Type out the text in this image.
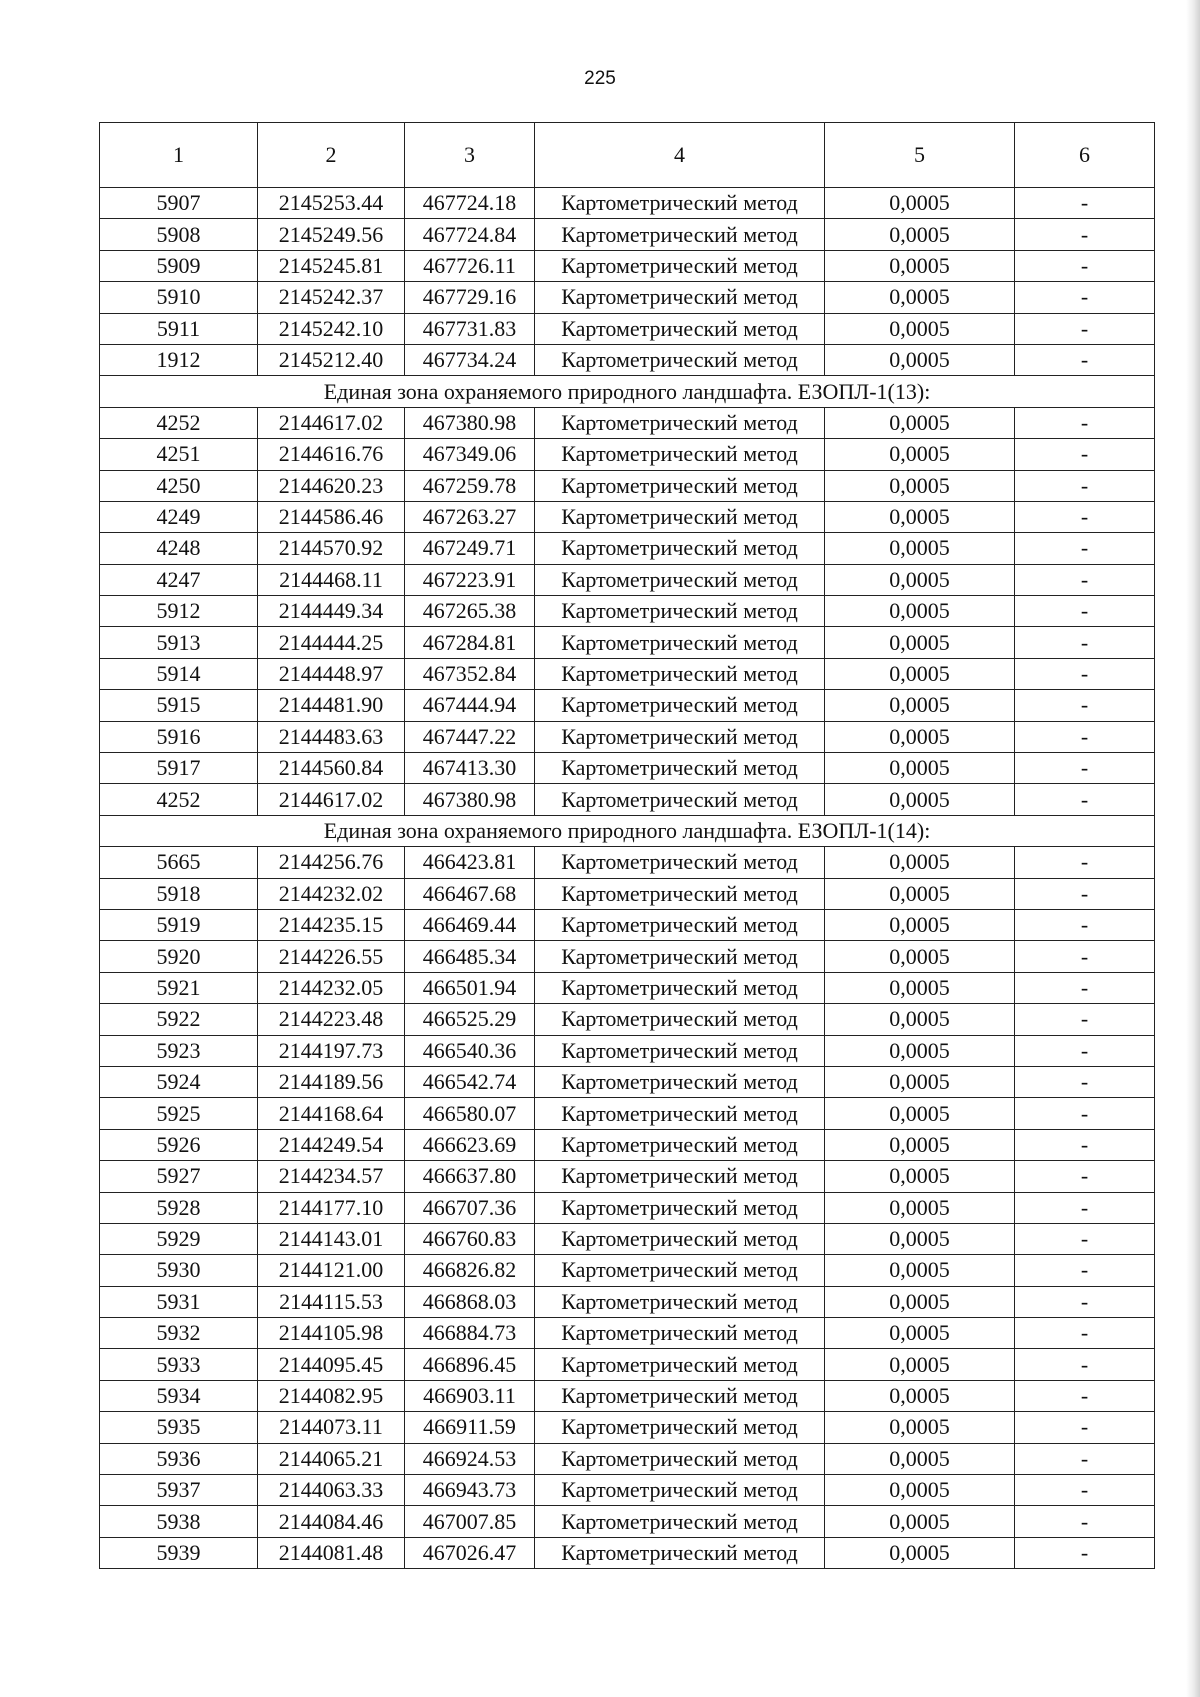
225
1	2	3	4	5	6
5907	2145253.44	467724.18	Картометрический метод	0,0005	-
5908	2145249.56	467724.84	Картометрический метод	0,0005	-
5909	2145245.81	467726.11	Картометрический метод	0,0005	-
5910	2145242.37	467729.16	Картометрический метод	0,0005	-
5911	2145242.10	467731.83	Картометрический метод	0,0005	-
1912	2145212.40	467734.24	Картометрический метод	0,0005	-
Единая зона охраняемого природного ландшафта. ЕЗОПЛ-1(13):					
4252	2144617.02	467380.98	Картометрический метод	0,0005	-
4251	2144616.76	467349.06	Картометрический метод	0,0005	-
4250	2144620.23	467259.78	Картометрический метод	0,0005	-
4249	2144586.46	467263.27	Картометрический метод	0,0005	-
4248	2144570.92	467249.71	Картометрический метод	0,0005	-
4247	2144468.11	467223.91	Картометрический метод	0,0005	-
5912	2144449.34	467265.38	Картометрический метод	0,0005	-
5913	2144444.25	467284.81	Картометрический метод	0,0005	-
5914	2144448.97	467352.84	Картометрический метод	0,0005	-
5915	2144481.90	467444.94	Картометрический метод	0,0005	-
5916	2144483.63	467447.22	Картометрический метод	0,0005	-
5917	2144560.84	467413.30	Картометрический метод	0,0005	-
4252	2144617.02	467380.98	Картометрический метод	0,0005	-
Единая зона охраняемого природного ландшафта. ЕЗОПЛ-1(14):					
5665	2144256.76	466423.81	Картометрический метод	0,0005	-
5918	2144232.02	466467.68	Картометрический метод	0,0005	-
5919	2144235.15	466469.44	Картометрический метод	0,0005	-
5920	2144226.55	466485.34	Картометрический метод	0,0005	-
5921	2144232.05	466501.94	Картометрический метод	0,0005	-
5922	2144223.48	466525.29	Картометрический метод	0,0005	-
5923	2144197.73	466540.36	Картометрический метод	0,0005	-
5924	2144189.56	466542.74	Картометрический метод	0,0005	-
5925	2144168.64	466580.07	Картометрический метод	0,0005	-
5926	2144249.54	466623.69	Картометрический метод	0,0005	-
5927	2144234.57	466637.80	Картометрический метод	0,0005	-
5928	2144177.10	466707.36	Картометрический метод	0,0005	-
5929	2144143.01	466760.83	Картометрический метод	0,0005	-
5930	2144121.00	466826.82	Картометрический метод	0,0005	-
5931	2144115.53	466868.03	Картометрический метод	0,0005	-
5932	2144105.98	466884.73	Картометрический метод	0,0005	-
5933	2144095.45	466896.45	Картометрический метод	0,0005	-
5934	2144082.95	466903.11	Картометрический метод	0,0005	-
5935	2144073.11	466911.59	Картометрический метод	0,0005	-
5936	2144065.21	466924.53	Картометрический метод	0,0005	-
5937	2144063.33	466943.73	Картометрический метод	0,0005	-
5938	2144084.46	467007.85	Картометрический метод	0,0005	-
5939	2144081.48	467026.47	Картометрический метод	0,0005	-
